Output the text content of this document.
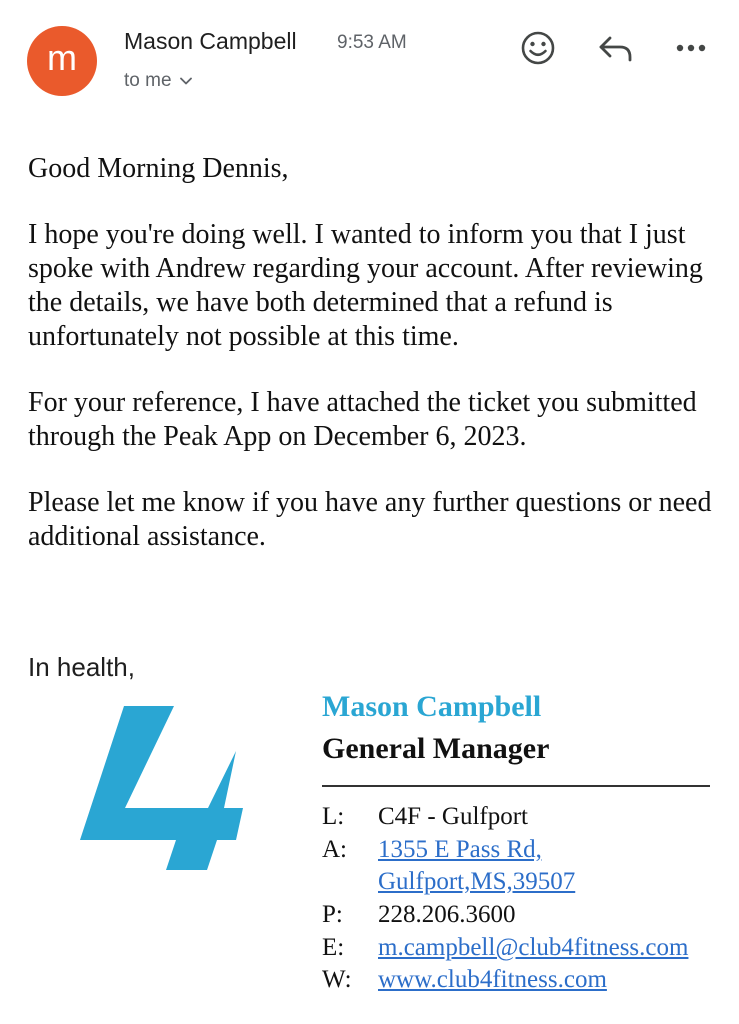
m	Mason Campbell 9:53 AM
to me

Good Morning Dennis,

I hope you're doing well. I wanted to inform you that I just spoke with Andrew regarding your account. After reviewing the details, we have both determined that a refund is unfortunately not possible at this time.

For your reference, I have attached the ticket you submitted through the Peak App on December 6, 2023.

Please let me know if you have any further questions or need additional assistance.

In health,
Mason Campbell
General Manager
L: C4F - Gulfport
A: 1355 E Pass Rd,
Gulfport,MS,39507
P: 228.206.3600
E: m.campbell@club4fitness.com
W: www.club4fitness.com
